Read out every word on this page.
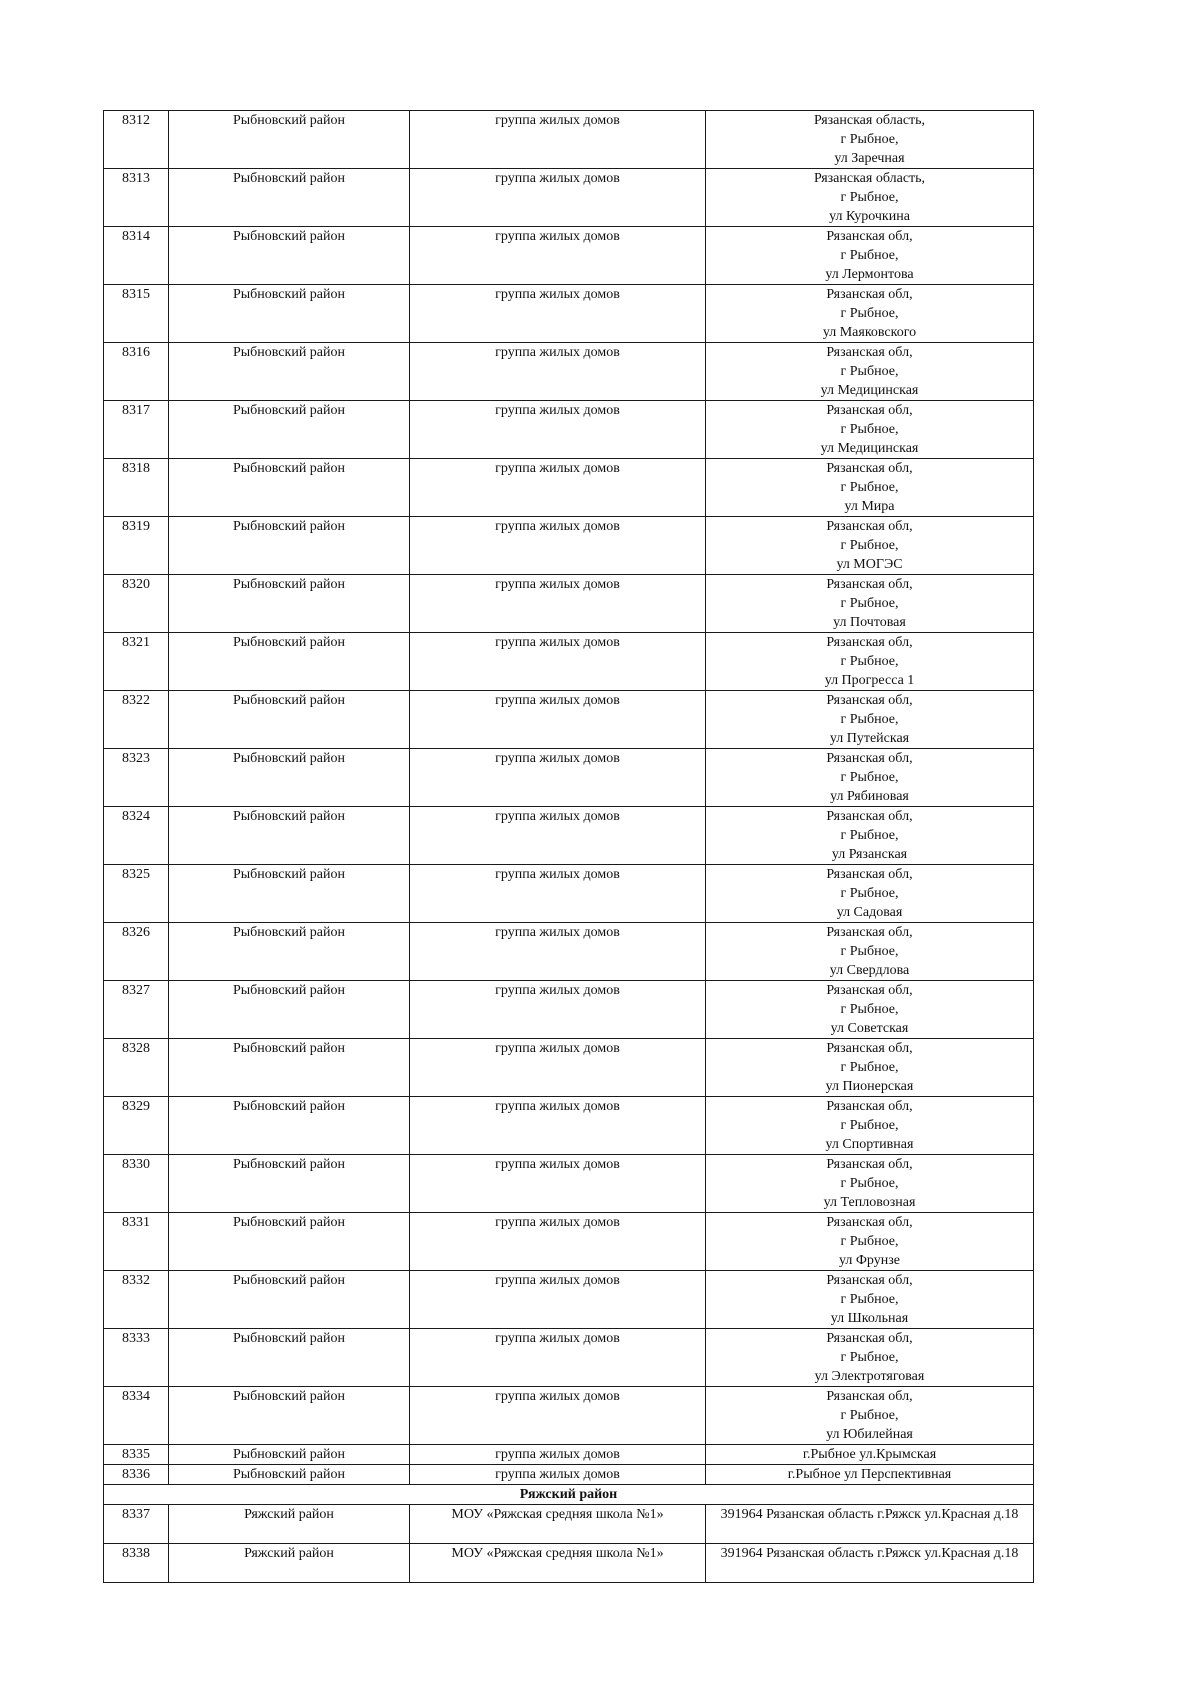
8312	Рыбновский район	группа жилых домов	Рязанская область,
г Рыбное,
ул Заречная

8313	Рыбновский район	группа жилых домов	Рязанская область,
г Рыбное,
ул Курочкина

8314	Рыбновский район	группа жилых домов	Рязанская обл,
г Рыбное,
ул Лермонтова

8315	Рыбновский район	группа жилых домов	Рязанская обл,
г Рыбное,
ул Маяковского

8316	Рыбновский район	группа жилых домов	Рязанская обл,
г Рыбное,
ул Медицинская

8317	Рыбновский район	группа жилых домов	Рязанская обл,
г Рыбное,
ул Медицинская

8318	Рыбновский район	группа жилых домов	Рязанская обл,
г Рыбное,
ул Мира

8319	Рыбновский район	группа жилых домов	Рязанская обл,
г Рыбное,
ул МОГЭС

8320	Рыбновский район	группа жилых домов	Рязанская обл,
г Рыбное,
ул Почтовая

8321	Рыбновский район	группа жилых домов	Рязанская обл,
г Рыбное,
ул Прогресса 1

8322	Рыбновский район	группа жилых домов	Рязанская обл,
г Рыбное,
ул Путейская

8323	Рыбновский район	группа жилых домов	Рязанская обл,
г Рыбное,
ул Рябиновая

8324	Рыбновский район	группа жилых домов	Рязанская обл,
г Рыбное,
ул Рязанская

8325	Рыбновский район	группа жилых домов	Рязанская обл,
г Рыбное,
ул Садовая

8326	Рыбновский район	группа жилых домов	Рязанская обл,
г Рыбное,
ул Свердлова

8327	Рыбновский район	группа жилых домов	Рязанская обл,
г Рыбное,
ул Советская

8328	Рыбновский район	группа жилых домов	Рязанская обл,
г Рыбное,
ул Пионерская

8329	Рыбновский район	группа жилых домов	Рязанская обл,
г Рыбное,
ул Спортивная

8330	Рыбновский район	группа жилых домов	Рязанская обл,
г Рыбное,
ул Тепловозная

8331	Рыбновский район	группа жилых домов	Рязанская обл,
г Рыбное,
ул Фрунзе

8332	Рыбновский район	группа жилых домов	Рязанская обл,
г Рыбное,
ул Школьная

8333	Рыбновский район	группа жилых домов	Рязанская обл,
г Рыбное,
ул Электротяговая

8334	Рыбновский район	группа жилых домов	Рязанская обл,
г Рыбное,
ул Юбилейная

8335	Рыбновский район	группа жилых домов	г.Рыбное ул.Крымская

8336	Рыбновский район	группа жилых домов	г.Рыбное ул Перспективная

Ряжский район			
8337	Ряжский район	МОУ «Ряжская средняя школа №1»	391964 Рязанская область г.Ряжск ул.Красная д.18

8338	Ряжский район	МОУ «Ряжская средняя школа №1»	391964 Рязанская область г.Ряжск ул.Красная д.18
